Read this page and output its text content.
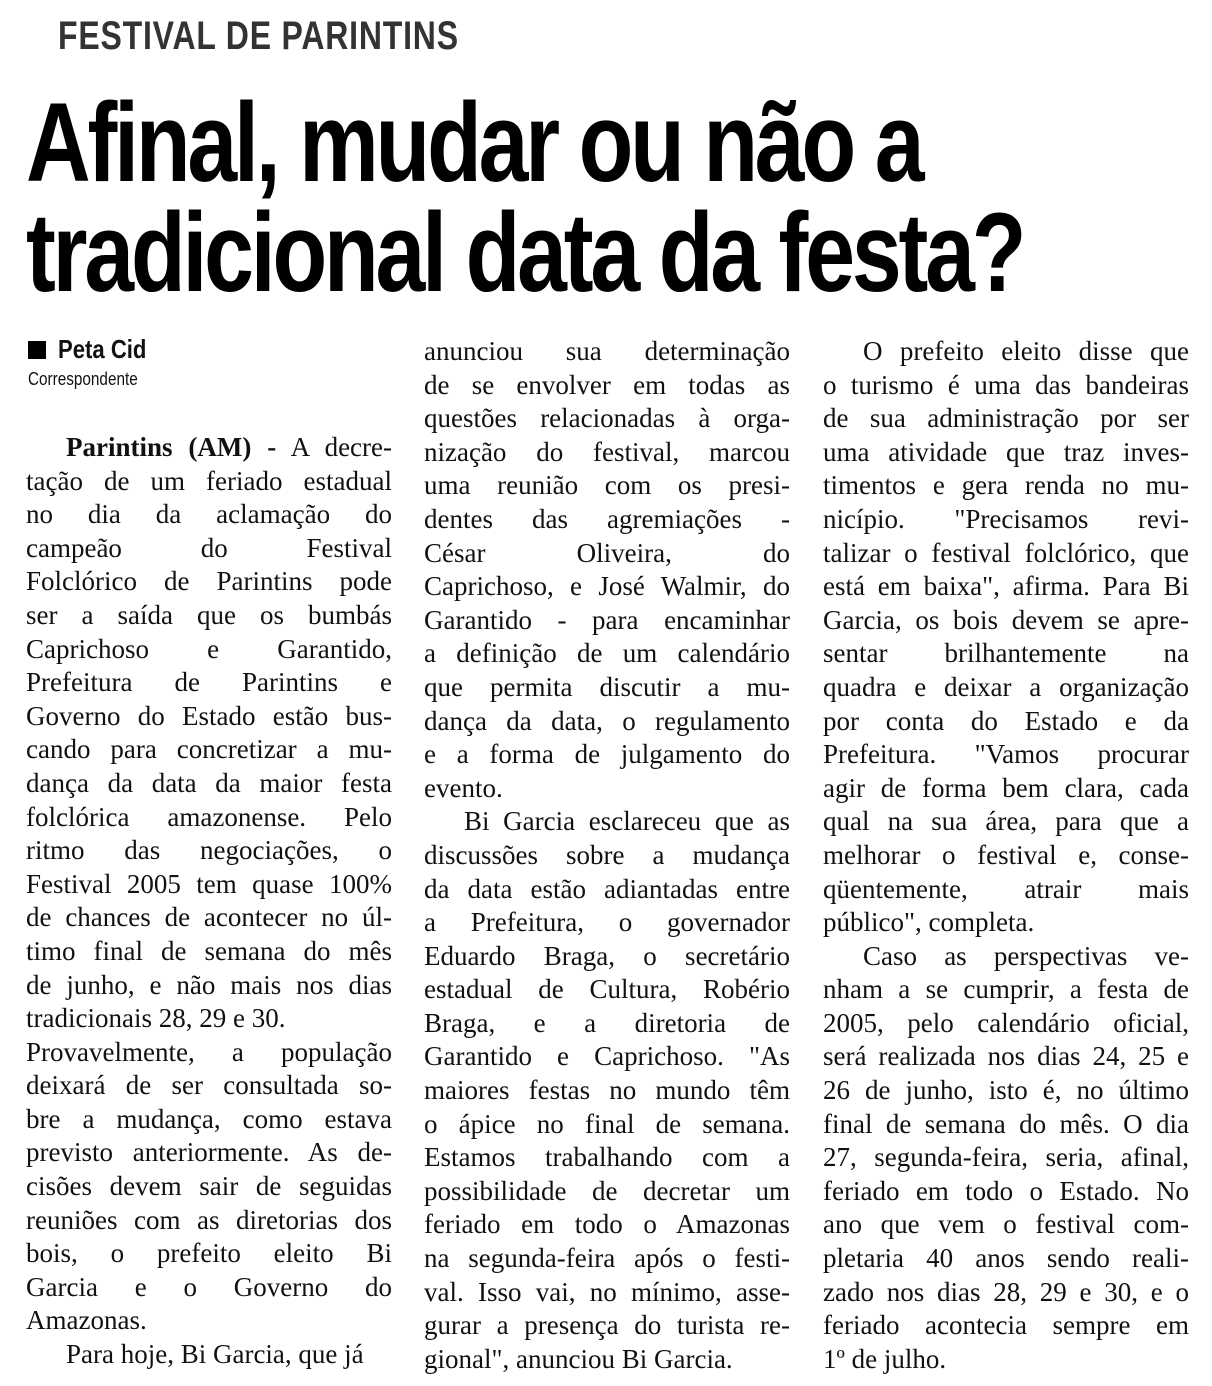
FESTIVAL DE PARINTINS
Afinal, mudar ou não a
tradicional data da festa?
Peta Cid
Correspondente
Parintins (AM) - A decre-
tação de um feriado estadual
no dia da aclamação do
campeão do Festival
Folclórico de Parintins pode
ser a saída que os bumbás
Caprichoso e Garantido,
Prefeitura de Parintins e
Governo do Estado estão bus-
cando para concretizar a mu-
dança da data da maior festa
folclórica amazonense. Pelo
ritmo das negociações, o
Festival 2005 tem quase 100%
de chances de acontecer no úl-
timo final de semana do mês
de junho, e não mais nos dias
tradicionais 28, 29 e 30.
Provavelmente, a população
deixará de ser consultada so-
bre a mudança, como estava
previsto anteriormente. As de-
cisões devem sair de seguidas
reuniões com as diretorias dos
bois, o prefeito eleito Bi
Garcia e o Governo do
Amazonas.
Para hoje, Bi Garcia, que já
anunciou sua determinação
de se envolver em todas as
questões relacionadas à orga-
nização do festival, marcou
uma reunião com os presi-
dentes das agremiações -
César Oliveira, do
Caprichoso, e José Walmir, do
Garantido - para encaminhar
a definição de um calendário
que permita discutir a mu-
dança da data, o regulamento
e a forma de julgamento do
evento.
Bi Garcia esclareceu que as
discussões sobre a mudança
da data estão adiantadas entre
a Prefeitura, o governador
Eduardo Braga, o secretário
estadual de Cultura, Robério
Braga, e a diretoria de
Garantido e Caprichoso. "As
maiores festas no mundo têm
o ápice no final de semana.
Estamos trabalhando com a
possibilidade de decretar um
feriado em todo o Amazonas
na segunda-feira após o festi-
val. Isso vai, no mínimo, asse-
gurar a presença do turista re-
gional", anunciou Bi Garcia.
O prefeito eleito disse que
o turismo é uma das bandeiras
de sua administração por ser
uma atividade que traz inves-
timentos e gera renda no mu-
nicípio. "Precisamos revi-
talizar o festival folclórico, que
está em baixa", afirma. Para Bi
Garcia, os bois devem se apre-
sentar brilhantemente na
quadra e deixar a organização
por conta do Estado e da
Prefeitura. "Vamos procurar
agir de forma bem clara, cada
qual na sua área, para que a
melhorar o festival e, conse-
qüentemente, atrair mais
público", completa.
Caso as perspectivas ve-
nham a se cumprir, a festa de
2005, pelo calendário oficial,
será realizada nos dias 24, 25 e
26 de junho, isto é, no último
final de semana do mês. O dia
27, segunda-feira, seria, afinal,
feriado em todo o Estado. No
ano que vem o festival com-
pletaria 40 anos sendo reali-
zado nos dias 28, 29 e 30, e o
feriado acontecia sempre em
1º de julho.
